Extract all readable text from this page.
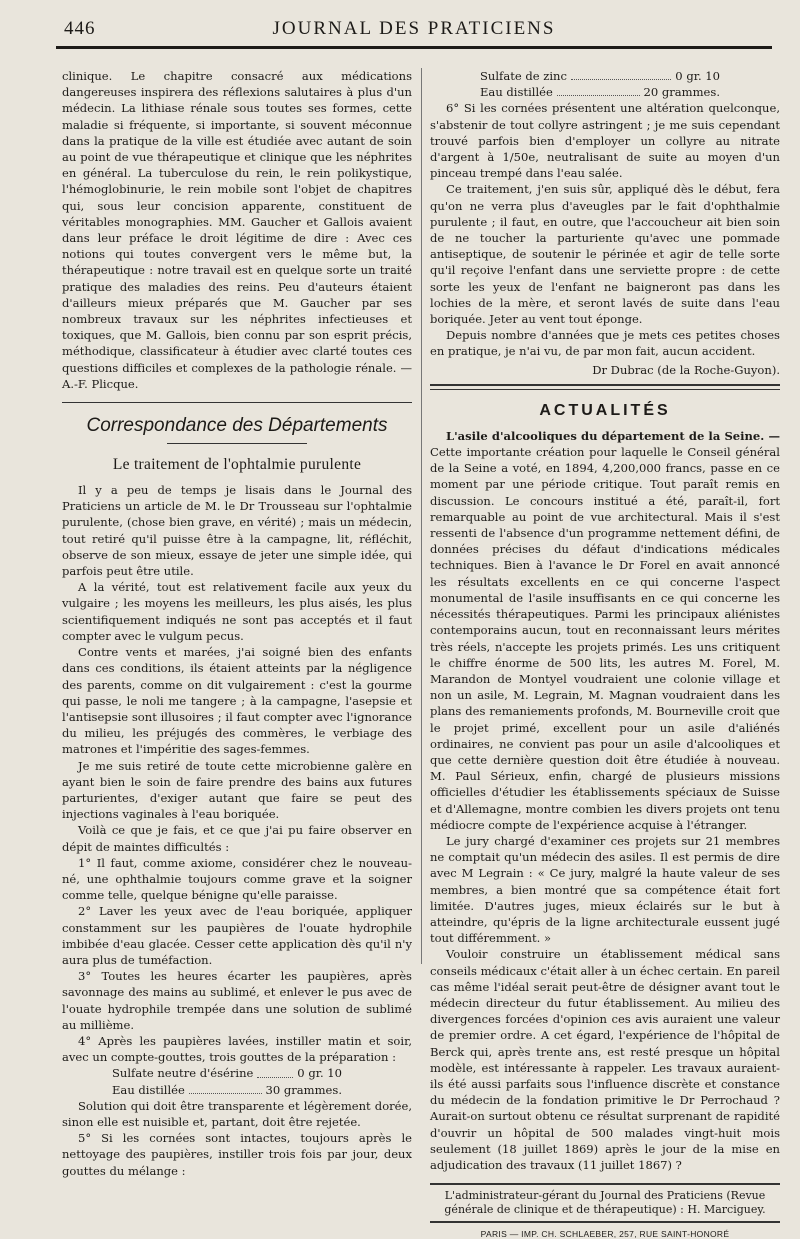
446	JOURNAL DES PRATICIENS

clinique. Le chapitre consacré aux médications dangereuses inspirera des réflexions salutaires à plus d'un médecin. La lithiase rénale sous toutes ses formes, cette maladie si fréquente, si importante, si souvent méconnue dans la pratique de la ville est étudiée avec autant de soin au point de vue thérapeutique et clinique que les néphrites en général. La tuberculose du rein, le rein polikystique, l'hémoglobinurie, le rein mobile sont l'objet de chapitres qui, sous leur concision apparente, constituent de véritables monographies. MM. Gaucher et Gallois avaient dans leur préface le droit légitime de dire : Avec ces notions qui toutes convergent vers le même but, la thérapeutique : notre travail est en quelque sorte un traité pratique des maladies des reins. Peu d'auteurs étaient d'ailleurs mieux préparés que M. Gaucher par ses nombreux travaux sur les néphrites infectieuses et toxiques, que M. Gallois, bien connu par son esprit précis, méthodique, classificateur à étudier avec clarté toutes ces questions difficiles et complexes de la pathologie rénale. — A.-F. Plicque.

Correspondance des Départements
Le traitement de l'ophtalmie purulente

Il y a peu de temps je lisais dans le Journal des Praticiens un article de M. le Dr Trousseau sur l'ophtalmie purulente, (chose bien grave, en vérité) ; mais un médecin, tout retiré qu'il puisse être à la campagne, lit, réfléchit, observe de son mieux, essaye de jeter une simple idée, qui parfois peut être utile.

A la vérité, tout est relativement facile aux yeux du vulgaire ; les moyens les meilleurs, les plus aisés, les plus scientifiquement indiqués ne sont pas acceptés et il faut compter avec le vulgum pecus.

Contre vents et marées, j'ai soigné bien des enfants dans ces conditions, ils étaient atteints par la négligence des parents, comme on dit vulgairement : c'est la gourme qui passe, le noli me tangere ; à la campagne, l'asepsie et l'antisepsie sont illusoires ; il faut compter avec l'ignorance du milieu, les préjugés des commères, le verbiage des matrones et l'impéritie des sages-femmes.

Je me suis retiré de toute cette microbienne galère en ayant bien le soin de faire prendre des bains aux futures parturientes, d'exiger autant que faire se peut des injections vaginales à l'eau boriquée.

Voilà ce que je fais, et ce que j'ai pu faire observer en dépit de maintes difficultés :

1° Il faut, comme axiome, considérer chez le nouveau-né, une ophthalmie toujours comme grave et la soigner comme telle, quelque bénigne qu'elle paraisse.

2° Laver les yeux avec de l'eau boriquée, appliquer constamment sur les paupières de l'ouate hydrophile imbibée d'eau glacée. Cesser cette application dès qu'il n'y aura plus de tuméfaction.

3° Toutes les heures écarter les paupières, après savonnage des mains au sublimé, et enlever le pus avec de l'ouate hydrophile trempée dans une solution de sublimé au millième.

4° Après les paupières lavées, instiller matin et soir, avec un compte-gouttes, trois gouttes de la préparation :

Sulfate neutre d'ésérine	0 gr. 10
Eau distillée	30 grammes.

Solution qui doit être transparente et légèrement dorée, sinon elle est nuisible et, partant, doit être rejetée.

5° Si les cornées sont intactes, toujours après le nettoyage des paupières, instiller trois fois par jour, deux gouttes du mélange :

Sulfate de zinc	0 gr. 10
Eau distillée	20 grammes.

6° Si les cornées présentent une altération quelconque, s'abstenir de tout collyre astringent ; je me suis cependant trouvé parfois bien d'employer un collyre au nitrate d'argent à 1/50e, neutralisant de suite au moyen d'un pinceau trempé dans l'eau salée.

Ce traitement, j'en suis sûr, appliqué dès le début, fera qu'on ne verra plus d'aveugles par le fait d'ophthalmie purulente ; il faut, en outre, que l'accoucheur ait bien soin de ne toucher la parturiente qu'avec une pommade antiseptique, de soutenir le périnée et agir de telle sorte qu'il reçoive l'enfant dans une serviette propre : de cette sorte les yeux de l'enfant ne baigneront pas dans les lochies de la mère, et seront lavés de suite dans l'eau boriquée. Jeter au vent tout éponge.

Depuis nombre d'années que je mets ces petites choses en pratique, je n'ai vu, de par mon fait, aucun accident.

Dr Dubrac (de la Roche-Guyon).
ACTUALITÉS

L'asile d'alcooliques du département de la Seine. — Cette importante création pour laquelle le Conseil général de la Seine a voté, en 1894, 4,200,000 francs, passe en ce moment par une période critique. Tout paraît remis en discussion. Le concours institué a été, paraît-il, fort remarquable au point de vue architectural. Mais il s'est ressenti de l'absence d'un programme nettement défini, de données précises du défaut d'indications médicales techniques. Bien à l'avance le Dr Forel en avait annoncé les résultats excellents en ce qui concerne l'aspect monumental de l'asile insuffisants en ce qui concerne les nécessités thérapeutiques. Parmi les principaux aliénistes contemporains aucun, tout en reconnaissant leurs mérites très réels, n'accepte les projets primés. Les uns critiquent le chiffre énorme de 500 lits, les autres M. Forel, M. Marandon de Montyel voudraient une colonie village et non un asile, M. Legrain, M. Magnan voudraient dans les plans des remaniements profonds, M. Bourneville croit que le projet primé, excellent pour un asile d'aliénés ordinaires, ne convient pas pour un asile d'alcooliques et que cette dernière question doit être étudiée à nouveau. M. Paul Sérieux, enfin, chargé de plusieurs missions officielles d'étudier les établissements spéciaux de Suisse et d'Allemagne, montre combien les divers projets ont tenu médiocre compte de l'expérience acquise à l'étranger.

Le jury chargé d'examiner ces projets sur 21 membres ne comptait qu'un médecin des asiles. Il est permis de dire avec M Legrain : « Ce jury, malgré la haute valeur de ses membres, a bien montré que sa compétence était fort limitée. D'autres juges, mieux éclairés sur le but à atteindre, qu'épris de la ligne architecturale eussent jugé tout différemment. »

Vouloir construire un établissement médical sans conseils médicaux c'était aller à un échec certain. En pareil cas même l'idéal serait peut-être de désigner avant tout le médecin directeur du futur établissement. Au milieu des divergences forcées d'opinion ces avis auraient une valeur de premier ordre. A cet égard, l'expérience de l'hôpital de Berck qui, après trente ans, est resté presque un hôpital modèle, est intéressante à rappeler. Les travaux auraient-ils été aussi parfaits sous l'influence discrète et constance du médecin de la fondation primitive le Dr Perrochaud ? Aurait-on surtout obtenu ce résultat surprenant de rapidité d'ouvrir un hôpital de 500 malades vingt-huit mois seulement (18 juillet 1869) après le jour de la mise en adjudication des travaux (11 juillet 1867) ?

L'administrateur-gérant du Journal des Praticiens (Revue générale de clinique et de thérapeutique) : H. Marciguey.

PARIS — IMP. CH. SCHLAEBER, 257, RUE SAINT-HONORÉ
